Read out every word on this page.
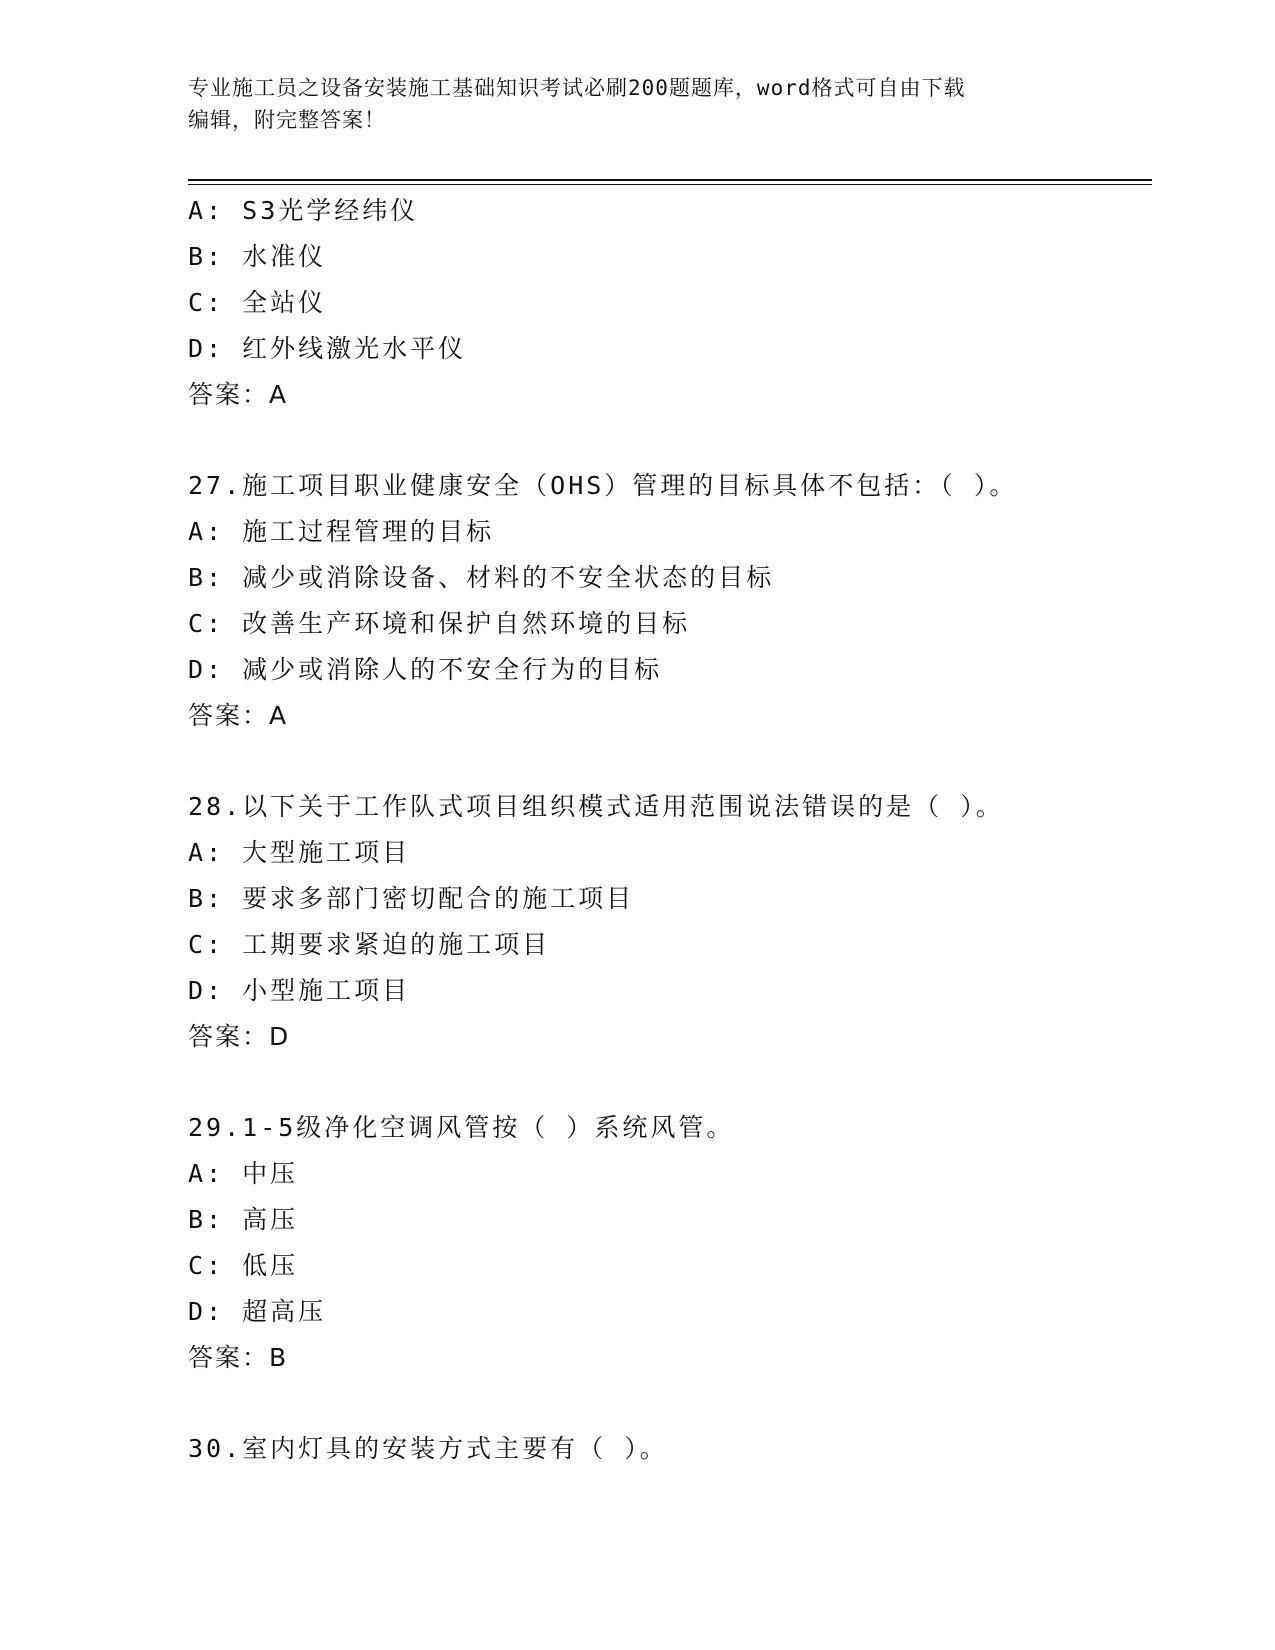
专业施工员之设备安装施工基础知识考试必刷200题题库，word格式可自由下载
编辑，附完整答案！
A: S3光学经纬仪
B: 水准仪
C: 全站仪
D: 红外线激光水平仪
答案：A
27.施工项目职业健康安全（OHS）管理的目标具体不包括：（ ）。
A: 施工过程管理的目标
B: 减少或消除设备、材料的不安全状态的目标
C: 改善生产环境和保护自然环境的目标
D: 减少或消除人的不安全行为的目标
答案：A
28.以下关于工作队式项目组织模式适用范围说法错误的是（ ）。
A: 大型施工项目
B: 要求多部门密切配合的施工项目
C: 工期要求紧迫的施工项目
D: 小型施工项目
答案：D
29.1-5级净化空调风管按（ ）系统风管。
A: 中压
B: 高压
C: 低压
D: 超高压
答案：B
30.室内灯具的安装方式主要有（ ）。
